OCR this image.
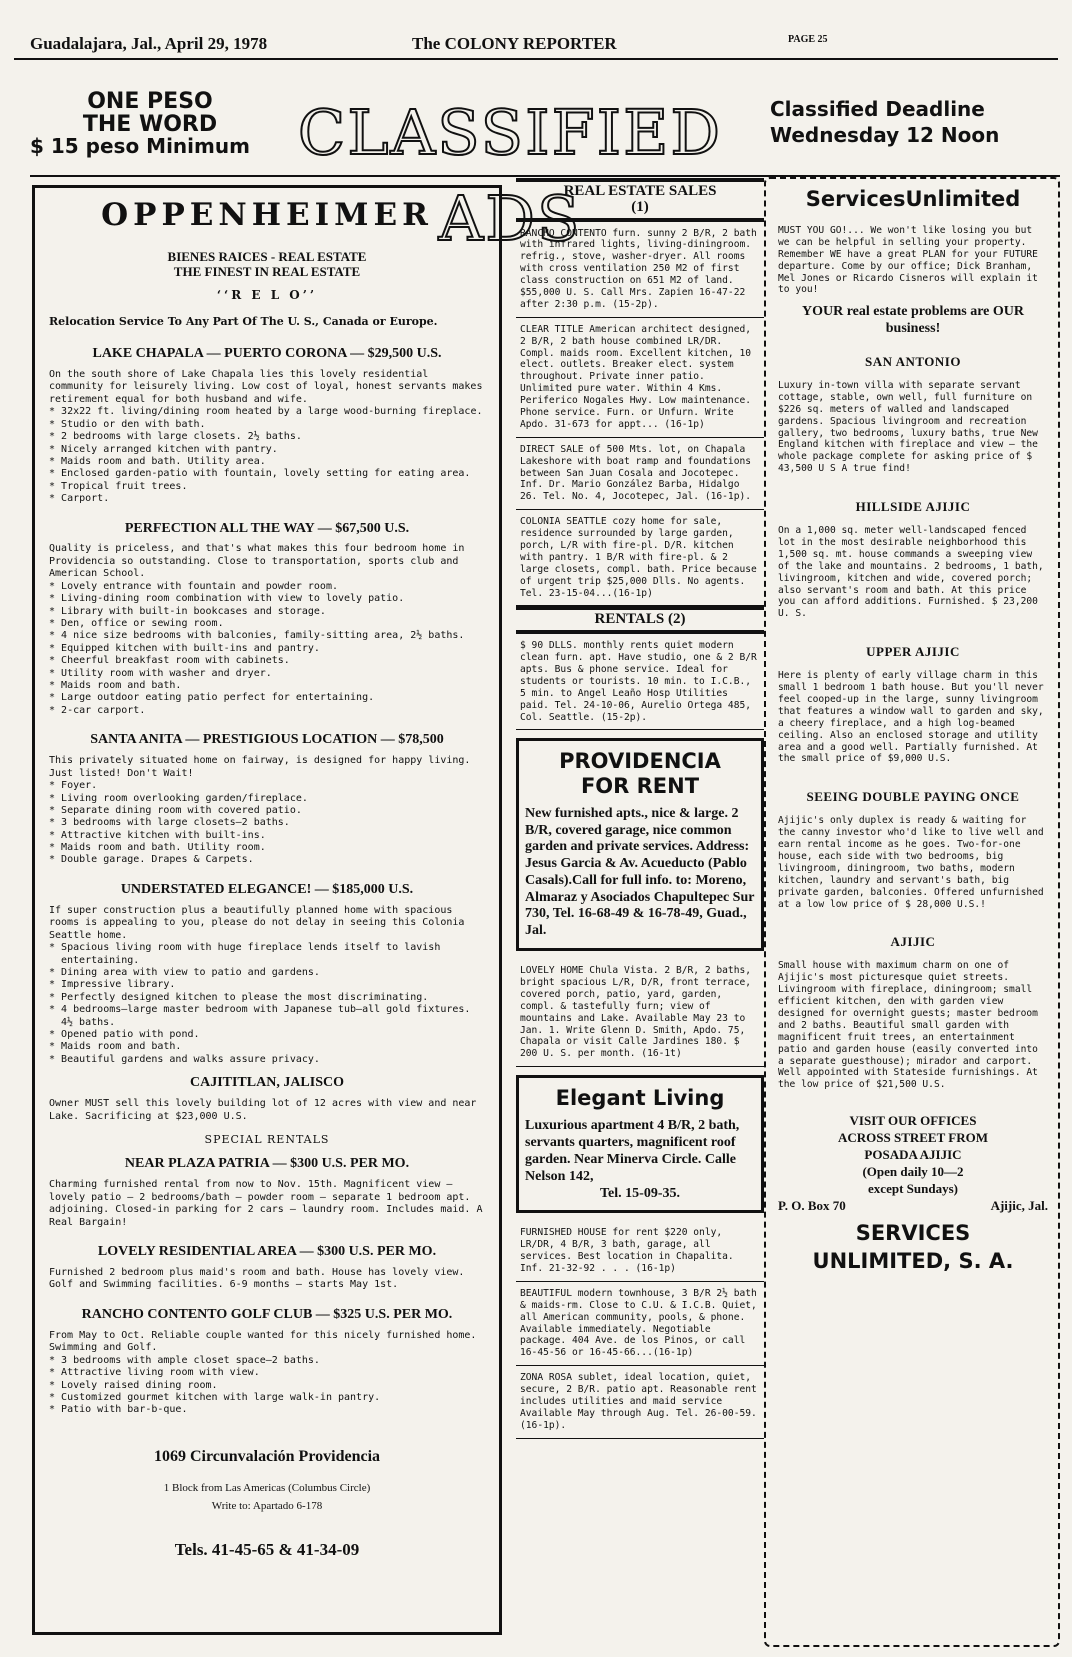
Guadalajara, Jal., April 29, 1978	The COLONY REPORTER	PAGE 25
ONE PESO
THE WORD
$ 15 peso Minimum CLASSIFIED ADS
Classified Deadline
Wednesday 12 Noon
OPPENHEIMER
BIENES RAICES - REAL ESTATE
THE FINEST IN REAL ESTATE
‘‘R E L O’’
Relocation Service To Any Part Of The U. S., Canada or Europe.
LAKE CHAPALA — PUERTO CORONA — $29,500 U.S.
On the south shore of Lake Chapala lies this lovely residential community for leisurely living. Low cost of loyal, honest servants makes retirement equal for both husband and wife.
* 32x22 ft. living/dining room heated by a large wood-burning fireplace.
* Studio or den with bath.
* 2 bedrooms with large closets. 2½ baths.
* Nicely arranged kitchen with pantry.
* Maids room and bath. Utility area.
* Enclosed garden-patio with fountain, lovely setting for eating area.
* Tropical fruit trees.
* Carport.
PERFECTION ALL THE WAY — $67,500 U.S.
Quality is priceless, and that's what makes this four bedroom home in Providencia so outstanding. Close to transportation, sports club and American School.
* Lovely entrance with fountain and powder room.
* Living-dining room combination with view to lovely patio.
* Library with built-in bookcases and storage.
* Den, office or sewing room.
* 4 nice size bedrooms with balconies, family-sitting area, 2½ baths.
* Equipped kitchen with built-ins and pantry.
* Cheerful breakfast room with cabinets.
* Utility room with washer and dryer.
* Maids room and bath.
* Large outdoor eating patio perfect for entertaining.
* 2-car carport.
SANTA ANITA — PRESTIGIOUS LOCATION — $78,500
This privately situated home on fairway, is designed for happy living. Just listed! Don't Wait!
* Foyer.
* Living room overlooking garden/fireplace.
* Separate dining room with covered patio.
* 3 bedrooms with large closets—2 baths.
* Attractive kitchen with built-ins.
* Maids room and bath. Utility room.
* Double garage. Drapes & Carpets.
UNDERSTATED ELEGANCE! — $185,000 U.S.
If super construction plus a beautifully planned home with spacious rooms is appealing to you, please do not delay in seeing this Colonia Seattle home.
* Spacious living room with huge fireplace lends itself to lavish entertaining.
* Dining area with view to patio and gardens.
* Impressive library.
* Perfectly designed kitchen to please the most discriminating.
* 4 bedrooms—large master bedroom with Japanese tub—all gold fixtures. 4½ baths.
* Opened patio with pond.
* Maids room and bath.
* Beautiful gardens and walks assure privacy.
CAJITITLAN, JALISCO
Owner MUST sell this lovely building lot of 12 acres with view and near Lake. Sacrificing at $23,000 U.S.
SPECIAL RENTALS
NEAR PLAZA PATRIA — $300 U.S. PER MO.
Charming furnished rental from now to Nov. 15th. Magnificent view — lovely patio — 2 bedrooms/bath — powder room — separate 1 bedroom apt. adjoining. Closed-in parking for 2 cars — laundry room. Includes maid. A Real Bargain!
LOVELY RESIDENTIAL AREA — $300 U.S. PER MO.
Furnished 2 bedroom plus maid's room and bath. House has lovely view. Golf and Swimming facilities. 6-9 months — starts May 1st.
RANCHO CONTENTO GOLF CLUB — $325 U.S. PER MO.
From May to Oct. Reliable couple wanted for this nicely furnished home. Swimming and Golf.
* 3 bedrooms with ample closet space—2 baths.
* Attractive living room with view.
* Lovely raised dining room.
* Customized gourmet kitchen with large walk-in pantry.
* Patio with bar-b-que.
1069 Circunvalación Providencia
1 Block from Las Americas (Columbus Circle)
Write to: Apartado 6-178
Tels. 41-45-65 & 41-34-09
REAL ESTATE SALES
(1)
RANCHO CONTENTO furn. sunny 2 B/R, 2 bath with infrared lights, living-diningroom. refrig., stove, washer-dryer. All rooms with cross ventilation 250 M2 of first class construction on 651 M2 of land. $55,000 U. S. Call Mrs. Zapien 16-47-22 after 2:30 p.m. (15-2p).
CLEAR TITLE American architect designed, 2 B/R, 2 bath house combined LR/DR. Compl. maids room. Excellent kitchen, 10 elect. outlets. Breaker elect. system throughout. Private inner patio. Unlimited pure water. Within 4 Kms. Periferico Nogales Hwy. Low maintenance. Phone service. Furn. or Unfurn. Write Apdo. 31-673 for appt... (16-1p)
DIRECT SALE of 500 Mts. lot, on Chapala Lakeshore with boat ramp and foundations between San Juan Cosala and Jocotepec. Inf. Dr. Mario González Barba, Hidalgo 26. Tel. No. 4, Jocotepec, Jal. (16-1p).
COLONIA SEATTLE cozy home for sale, residence surrounded by large garden, porch, L/R with fire-pl. D/R. kitchen with pantry. 1 B/R with fire-pl. & 2 large closets, compl. bath. Price because of urgent trip $25,000 Dlls. No agents. Tel. 23-15-04...(16-1p)
RENTALS (2)
$ 90 DLLS. monthly rents quiet modern clean furn. apt. Have studio, one & 2 B/R apts. Bus & phone service. Ideal for students or tourists. 10 min. to I.C.B., 5 min. to Angel Leaño Hosp Utilities paid. Tel. 24-10-06, Aurelio Ortega 485, Col. Seattle. (15-2p).
PROVIDENCIA
FOR RENT

New furnished apts., nice & large. 2 B/R, covered garage, nice common garden and private services. Address: Jesus Garcia & Av. Acueducto (Pablo Casals).Call for full info. to: Moreno, Almaraz y Asociados Chapultepec Sur 730, Tel. 16-68-49 & 16-78-49, Guad., Jal.

LOVELY HOME Chula Vista. 2 B/R, 2 baths, bright spacious L/R, D/R, front terrace, covered porch, patio, yard, garden, compl. & tastefully furn; view of mountains and Lake. Available May 23 to Jan. 1. Write Glenn D. Smith, Apdo. 75, Chapala or visit Calle Jardines 180. $ 200 U. S. per month. (16-1t)
Elegant Living

Luxurious apartment 4 B/R, 2 bath, servants quarters, magnificent roof garden. Near Minerva Circle. Calle Nelson 142,

Tel. 15-09-35.

FURNISHED HOUSE for rent $220 only, LR/DR, 4 B/R, 3 bath, garage, all services. Best location in Chapalita. Inf. 21-32-92 . . . (16-1p)
BEAUTIFUL modern townhouse, 3 B/R 2½ bath & maids-rm. Close to C.U. & I.C.B. Quiet, all American community, pools, & phone. Available immediately. Negotiable package. 404 Ave. de los Pinos, or call 16-45-56 or 16-45-66...(16-1p)
ZONA ROSA sublet, ideal location, quiet, secure, 2 B/R. patio apt. Reasonable rent includes utilities and maid service Available May through Aug. Tel. 26-00-59. (16-1p).
ServicesUnlimited
MUST YOU GO!... We won't like losing you but we can be helpful in selling your property. Remember WE have a great PLAN for your FUTURE departure. Come by our office; Dick Branham, Mel Jones or Ricardo Cisneros will explain it to you!
YOUR real estate problems are OUR business!
SAN ANTONIO
Luxury in-town villa with separate servant cottage, stable, own well, full furniture on $226 sq. meters of walled and landscaped gardens. Spacious livingroom and recreation gallery, two bedrooms, luxury baths, true New England kitchen with fireplace and view — the whole package complete for asking price of $ 43,500 U S A true find!
HILLSIDE AJIJIC
On a 1,000 sq. meter well-landscaped fenced lot in the most desirable neighborhood this 1,500 sq. mt. house commands a sweeping view of the lake and mountains. 2 bedrooms, 1 bath, livingroom, kitchen and wide, covered porch; also servant's room and bath. At this price you can afford additions. Furnished. $ 23,200 U. S.
UPPER AJIJIC
Here is plenty of early village charm in this small 1 bedroom 1 bath house. But you'll never feel cooped-up in the large, sunny livingroom that features a window wall to garden and sky, a cheery fireplace, and a high log-beamed ceiling. Also an enclosed storage and utility area and a good well. Partially furnished. At the small price of $9,000 U.S.
SEEING DOUBLE PAYING ONCE
Ajijic's only duplex is ready & waiting for the canny investor who'd like to live well and earn rental income as he goes. Two-for-one house, each side with two bedrooms, big livingroom, diningroom, two baths, modern kitchen, laundry and servant's bath, big private garden, balconies. Offered unfurnished at a low low price of $ 28,000 U.S.!
AJIJIC
Small house with maximum charm on one of Ajijic's most picturesque quiet streets. Livingroom with fireplace, diningroom; small efficient kitchen, den with garden view designed for overnight guests; master bedroom and 2 baths. Beautiful small garden with magnificent fruit trees, an entertainment patio and garden house (easily converted into a separate guesthouse); mirador and carport. Well appointed with Stateside furnishings. At the low price of $21,500 U.S.
VISIT OUR OFFICES
ACROSS STREET FROM
POSADA AJIJIC
(Open daily 10—2
except Sundays)
P. O. Box 70	Ajijic, Jal.
SERVICES
UNLIMITED, S. A.
